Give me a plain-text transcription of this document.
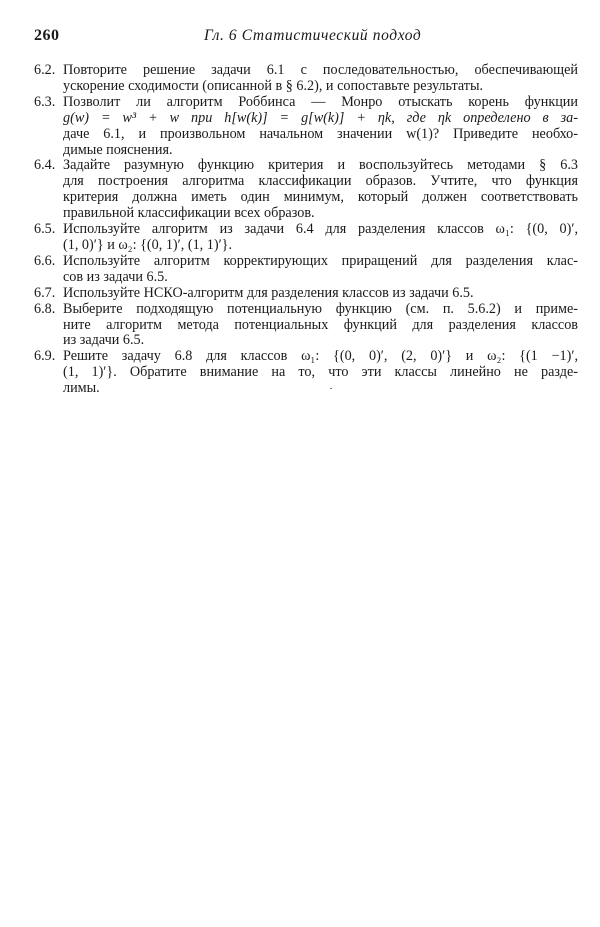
260	Гл. 6 Статистический подход
6.2. Повторите решение задачи 6.1 с последовательностью, обеспечивающей
ускорение сходимости (описанной в § 6.2), и сопоставьте результаты.
6.3. Позволит ли алгоритм Роббинса — Монро отыскать корень функции
g(w) = w³ + w при h[w(k)] = g[w(k)] + ηk, где ηk определено в за-
даче 6.1, и произвольном начальном значении w(1)? Приведите необхо-
димые пояснения.
6.4. Задайте разумную функцию критерия и воспользуйтесь методами § 6.3
для построения алгоритма классификации образов. Учтите, что функция
критерия должна иметь один минимум, который должен соответствовать
правильной классификации всех образов.
6.5. Используйте алгоритм из задачи 6.4 для разделения классов ω₁: {(0, 0)′,
(1, 0)′} и ω₂: {(0, 1)′, (1, 1)′}.
6.6. Используйте алгоритм корректирующих приращений для разделения клас-
сов из задачи 6.5.
6.7. Используйте НСКО-алгоритм для разделения классов из задачи 6.5.
6.8. Выберите подходящую потенциальную функцию (см. п. 5.6.2) и приме-
ните алгоритм метода потенциальных функций для разделения классов
из задачи 6.5.
6.9. Решите задачу 6.8 для классов ω₁: {(0, 0)′, (2, 0)′} и ω₂: {(1 −1)′,
(1, 1)′}. Обратите внимание на то, что эти классы линейно не разде-
лимы.
